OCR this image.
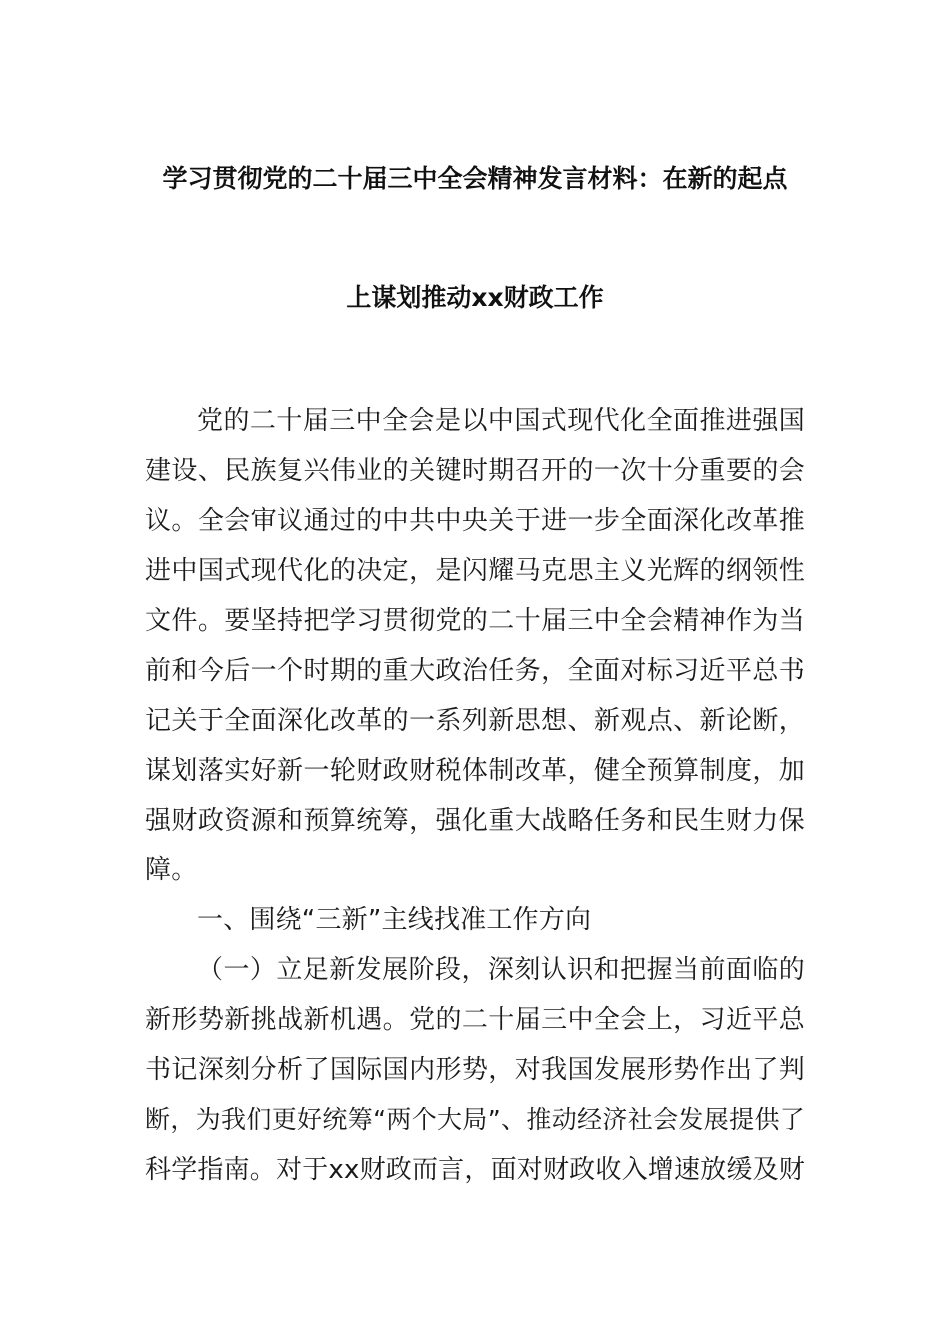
学习贯彻党的二十届三中全会精神发言材料：在新的起点
上谋划推动xx财政工作
党的二十届三中全会是以中国式现代化全面推进强国
建设、民族复兴伟业的关键时期召开的一次十分重要的会
议。全会审议通过的中共中央关于进一步全面深化改革推
进中国式现代化的决定，是闪耀马克思主义光辉的纲领性
文件。要坚持把学习贯彻党的二十届三中全会精神作为当
前和今后一个时期的重大政治任务，全面对标习近平总书
记关于全面深化改革的一系列新思想、新观点、新论断，
谋划落实好新一轮财政财税体制改革，健全预算制度，加
强财政资源和预算统筹，强化重大战略任务和民生财力保
障。
一、围绕“三新”主线找准工作方向
（一）立足新发展阶段，深刻认识和把握当前面临的
新形势新挑战新机遇。党的二十届三中全会上，习近平总
书记深刻分析了国际国内形势，对我国发展形势作出了判
断，为我们更好统筹“两个大局”、推动经济社会发展提供了
科学指南。对于xx财政而言，面对财政收入增速放缓及财
